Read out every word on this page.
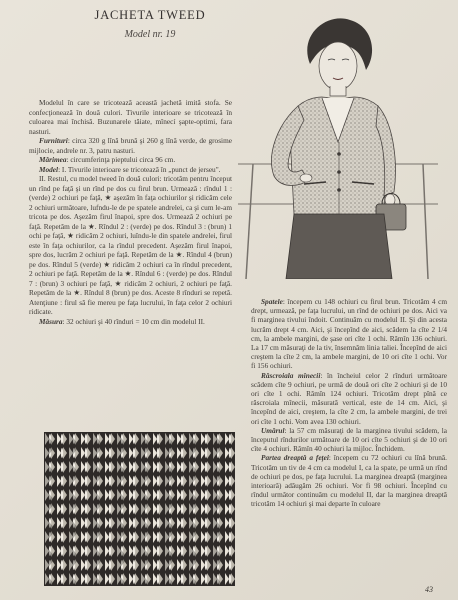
JACHETA TWEED
Model nr. 19

Modelul în care se tricotează această jachetă imită stofa. Se confecţionează în două culori. Tivurile interioare se tricotează în culoarea mai închisă. Buzunarele tăiate, mînecí şapte-optimi, fara nasturi.

Furnituri: circa 320 g lînă brună şi 260 g lînă verde, de grosime mijlocie, andrele nr. 3, patru nasturi.

Mărimea: circumferinţa pieptului circa 96 cm.

Model: I. Tivurile interioare se tricotează în „punct de jerseu".

II. Restul, cu model tweed în două culori: tricotăm pentru început un rînd pe faţă şi un rînd pe dos cu firul brun. Urmează : rîndul 1 : (verde) 2 ochiuri pe faţă, ★ aşezăm în faţa ochiurilor şi ridicăm cele 2 ochiuri următoare, lufndu-le de pe spatele andrelei, ca şi cum le-am tricota pe dos. Aşezăm firul înapoi, spre dos. Urmează 2 ochiuri pe faţă. Repetăm de la ★. Rîndul 2 : (verde) pe dos. Rîndul 3 : (brun) 1 ochi pe faţă, ★ ridicăm 2 ochiuri, luîndu-le din spatele andrelei, firul este în faţa ochiurilor, ca la rîndul precedent. Aşezăm firul înapoi, spre dos, lucrăm 2 ochiuri pe faţă. Repetăm de la ★. Rîndul 4 (brun) pe dos. Rîndul 5 (verde) ★ ridicăm 2 ochiuri ca în rîndul precedent, 2 ochiuri pe faţă. Repetăm de la ★. Rîndul 6 : (verde) pe dos. Rîndul 7 : (brun) 3 ochiuri pe faţă, ★ ridicăm 2 ochiuri, 2 ochiuri pe faţă. Repetăm de la ★. Rîndul 8 (brun) pe dos. Aceste 8 rînduri se repetă. Atenţiune : firul să fie mereu pe faţa lucrului, în faţa celor 2 ochiuri ridicate.

Măsura: 32 ochiuri şi 40 rînduri = 10 cm din modelul II.

Spatele: începem cu 148 ochiuri cu firul brun. Tricotăm 4 cm drept, urmează, pe faţa lucrului, un rînd de ochiuri pe dos. Aici va fi marginea tivului îndoit. Continuăm cu modelul II. Şi din acesta lucrăm drept 4 cm. Aici, şi începînd de aici, scădem la cîte 2 1/4 cm, la ambele margini, de şase ori cîte 1 ochi. Rămîn 136 ochiuri. La 17 cm măsuraţi de la tiv, însemnăm linia taliei. Începînd de aici creştem la cîte 2 cm, la ambele margini, de 10 ori cîte 1 ochi. Vor fi 156 ochiuri.

Răscroiala mînecii: în încheiul celor 2 rînduri următoare scădem cîte 9 ochiuri, pe urmă de două ori cîte 2 ochiuri şi de 10 ori cîte 1 ochi. Rămîn 124 ochiuri. Tricotăm drept pînă ce răscroiala mînecii, măsurată vertical, este de 14 cm. Aici, şi începînd de aici, creştem, la cîte 2 cm, la ambele margini, de trei ori cîte 1 ochi. Vom avea 130 ochiuri.

Umărul: la 57 cm măsuraţi de la marginea tivului scădem, la începutul rîndurilor următoare de 10 ori cîte 5 ochiuri şi de 10 ori cîte 4 ochiuri. Rămîn 40 ochiuri la mijloc. Închidem.

Partea dreaptă a feţei: începem cu 72 ochiuri cu lînă brună. Tricotăm un tiv de 4 cm ca modelul I, ca la spate, pe urmă un rînd de ochiuri pe dos, pe faţa lucrului. La marginea dreaptă (marginea interioară) adăugăm 26 ochiuri. Vor fi 98 ochiuri. Începînd cu rîndul următor continuăm cu modelul II, dar la marginea dreaptă tricotăm 14 ochiuri şi mai departe în culoare

43
